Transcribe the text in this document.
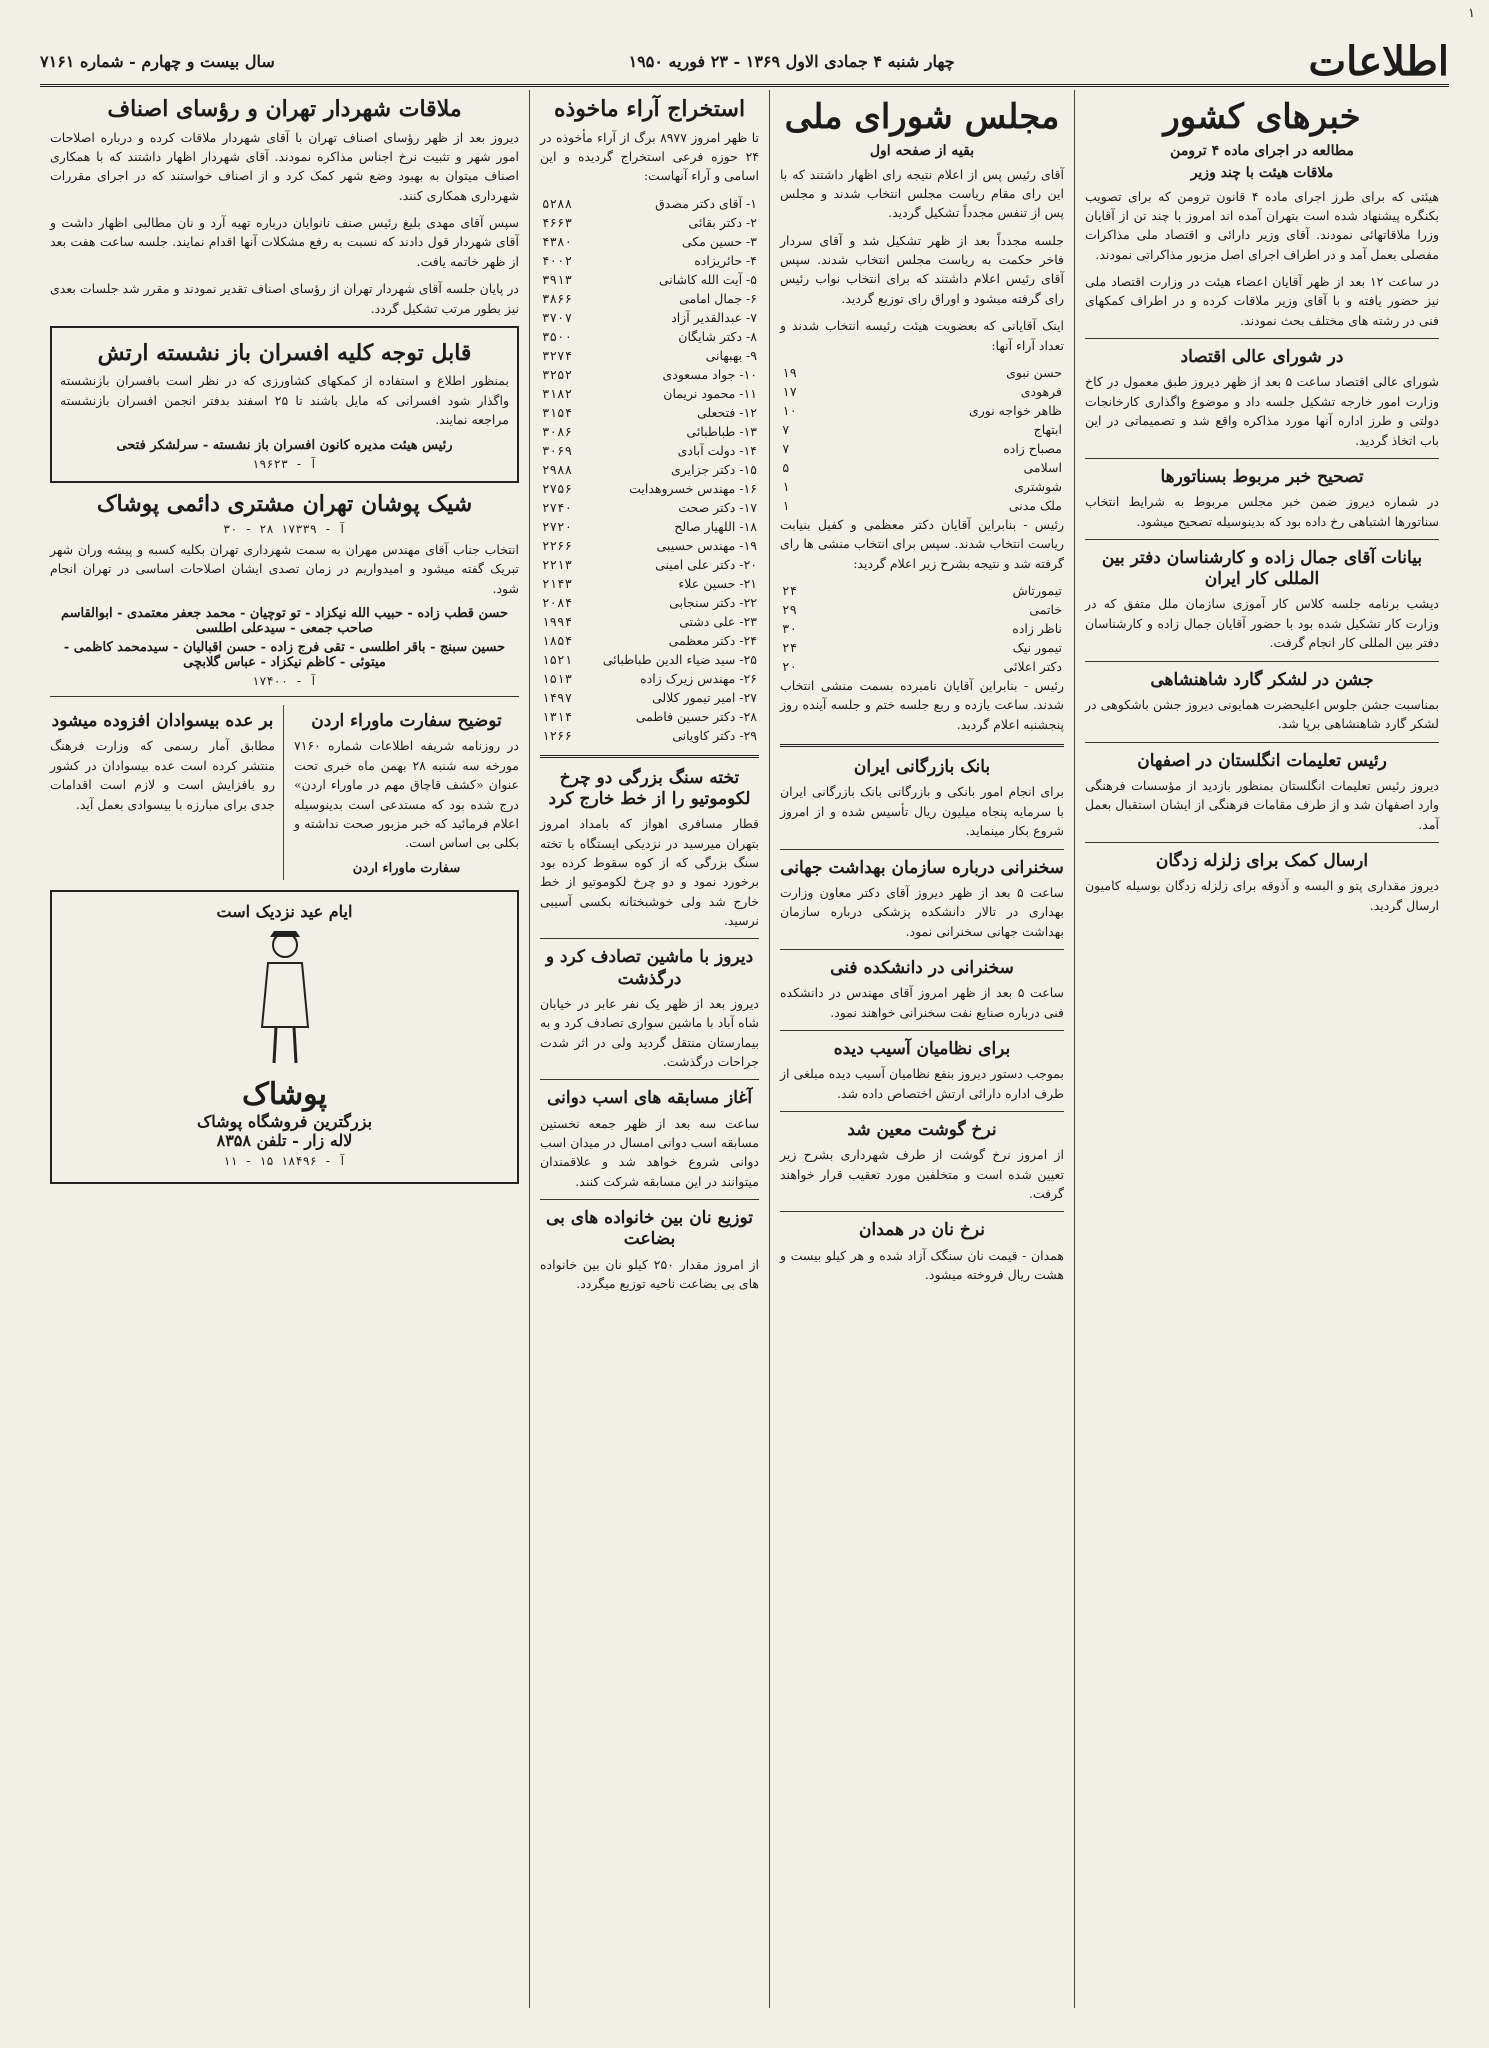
۱
اطلاعات
چهار شنبه ۴ جمادی الاول ۱۳۶۹ - ۲۳ فوریه ۱۹۵۰
سال بیست و چهارم - شماره ۷۱۶۱
خبرهای کشور
مطالعه در اجرای ماده ۴ ترومن
ملاقات هیئت با چند وزیر

هیئتی که برای طرز اجرای ماده ۴ قانون ترومن که برای تصویب بکنگره پیشنهاد شده است بتهران آمده اند امروز با چند تن از آقایان وزرا ملاقاتهائی نمودند. آقای وزیر دارائی و اقتصاد ملی مذاکرات مفصلی بعمل آمد و در اطراف اجرای اصل مزبور مذاکراتی نمودند.

در ساعت ۱۲ بعد از ظهر آقایان اعضاء هیئت در وزارت اقتصاد ملی نیز حضور یافته و با آقای وزیر ملاقات کرده و در اطراف کمکهای فنی در رشته های مختلف بحث نمودند.

در شورای عالی اقتصاد

شورای عالی اقتصاد ساعت ۵ بعد از ظهر دیروز طبق معمول در کاخ وزارت امور خارجه تشکیل جلسه داد و موضوع واگذاری کارخانجات دولتی و طرز اداره آنها مورد مذاکره واقع شد و تصمیماتی در این باب اتخاذ گردید.

تصحیح خبر مربوط بسناتورها

در شماره دیروز ضمن خبر مجلس مربوط به شرایط انتخاب سناتورها اشتباهی رخ داده بود که بدینوسیله تصحیح میشود.

بیانات آقای جمال زاده و کارشناسان دفتر بین المللی کار ایران

دیشب برنامه جلسه کلاس کار آموزی سازمان ملل متفق که در وزارت کار تشکیل شده بود با حضور آقایان جمال زاده و کارشناسان دفتر بین المللی کار انجام گرفت.

جشن در لشکر گارد شاهنشاهی

بمناسبت جشن جلوس اعلیحضرت همایونی دیروز جشن باشکوهی در لشکر گارد شاهنشاهی برپا شد.

رئیس تعلیمات انگلستان در اصفهان

دیروز رئیس تعلیمات انگلستان بمنظور بازدید از مؤسسات فرهنگی وارد اصفهان شد و از طرف مقامات فرهنگی از ایشان استقبال بعمل آمد.

ارسال کمک برای زلزله زدگان

دیروز مقداری پتو و البسه و آذوقه برای زلزله زدگان بوسیله کامیون ارسال گردید.

مجلس شورای ملی
بقیه از صفحه اول

آقای رئیس پس از اعلام نتیجه رای اظهار داشتند که با این رای مقام ریاست مجلس انتخاب شدند و مجلس پس از تنفس مجدداً تشکیل گردید.

جلسه مجدداً بعد از ظهر تشکیل شد و آقای سردار فاخر حکمت به ریاست مجلس انتخاب شدند. سپس آقای رئیس اعلام داشتند که برای انتخاب نواب رئیس رای گرفته میشود و اوراق رای توزیع گردید.

اینک آقایانی که بعضویت هیئت رئیسه انتخاب شدند و تعداد آراء آنها:

حسن نبوی	۱۹
فرهودی	۱۷
ظاهر خواجه نوری	۱۰
ابتهاج	۷
مصباح زاده	۷
اسلامی	۵
شوشتری	۱
ملک مدنی	۱

رئیس - بنابراین آقایان دکتر معظمی و کفیل بنیابت ریاست انتخاب شدند. سپس برای انتخاب منشی ها رای گرفته شد و نتیجه بشرح زیر اعلام گردید:

تیمورتاش	۲۴
خاتمی	۲۹
ناظر زاده	۳۰
تیمور نیک	۲۴
دکتر اعلائی	۲۰

رئیس - بنابراین آقایان نامبرده بسمت منشی انتخاب شدند. ساعت یازده و ربع جلسه ختم و جلسه آینده روز پنجشنبه اعلام گردید.

بانک بازرگانی ایران

برای انجام امور بانکی و بازرگانی بانک بازرگانی ایران با سرمایه پنجاه میلیون ریال تأسیس شده و از امروز شروع بکار مینماید.

سخنرانی درباره سازمان بهداشت جهانی

ساعت ۵ بعد از ظهر دیروز آقای دکتر معاون وزارت بهداری در تالار دانشکده پزشکی درباره سازمان بهداشت جهانی سخنرانی نمود.

سخنرانی در دانشکده فنی

ساعت ۵ بعد از ظهر امروز آقای مهندس در دانشکده فنی درباره صنایع نفت سخنرانی خواهند نمود.

برای نظامیان آسیب دیده

بموجب دستور دیروز بنفع نظامیان آسیب دیده مبلغی از طرف اداره دارائی ارتش اختصاص داده شد.

نرخ گوشت معین شد

از امروز نرخ گوشت از طرف شهرداری بشرح زیر تعیین شده است و متخلفین مورد تعقیب قرار خواهند گرفت.

نرخ نان در همدان

همدان - قیمت نان سنگک آزاد شده و هر کیلو بیست و هشت ریال فروخته میشود.

استخراج آراء ماخوذه

تا ظهر امروز ۸۹۷۷ برگ از آراء مأخوذه در ۲۴ حوزه فرعی استخراج گردیده و این اسامی و آراء آنهاست:

۱- آقای دکتر مصدق	۵۲۸۸
۲- دکتر بقائی	۴۶۶۳
۳- حسین مکی	۴۳۸۰
۴- حائریزاده	۴۰۰۲
۵- آیت الله کاشانی	۳۹۱۳
۶- جمال امامی	۳۸۶۶
۷- عبدالقدیر آزاد	۳۷۰۷
۸- دکتر شایگان	۳۵۰۰
۹- بهبهانی	۳۲۷۴
۱۰- جواد مسعودی	۳۲۵۲
۱۱- محمود نریمان	۳۱۸۲
۱۲- فتحعلی	۳۱۵۴
۱۳- طباطبائی	۳۰۸۶
۱۴- دولت آبادی	۳۰۶۹
۱۵- دکتر جزایری	۲۹۸۸
۱۶- مهندس خسروهدایت	۲۷۵۶
۱۷- دکتر صحت	۲۷۴۰
۱۸- اللهیار صالح	۲۷۲۰
۱۹- مهندس حسیبی	۲۲۶۶
۲۰- دکتر علی امینی	۲۲۱۳
۲۱- حسین علاء	۲۱۴۳
۲۲- دکتر سنجابی	۲۰۸۴
۲۳- علی دشتی	۱۹۹۴
۲۴- دکتر معظمی	۱۸۵۴
۲۵- سید ضیاء الدین طباطبائی	۱۵۲۱
۲۶- مهندس زیرک زاده	۱۵۱۳
۲۷- امیر تیمور کلالی	۱۴۹۷
۲۸- دکتر حسین فاطمی	۱۳۱۴
۲۹- دکتر کاویانی	۱۲۶۶
تخته سنگ بزرگی دو چرخ لکوموتیو را از خط خارج کرد

قطار مسافری اهواز که بامداد امروز بتهران میرسید در نزدیکی ایستگاه با تخته سنگ بزرگی که از کوه سقوط کرده بود برخورد نمود و دو چرخ لکوموتیو از خط خارج شد ولی خوشبختانه بکسی آسیبی نرسید.

دیروز با ماشین تصادف کرد و درگذشت

دیروز بعد از ظهر یک نفر عابر در خیابان شاه آباد با ماشین سواری تصادف کرد و به بیمارستان منتقل گردید ولی در اثر شدت جراحات درگذشت.

آغاز مسابقه های اسب دوانی

ساعت سه بعد از ظهر جمعه نخستین مسابقه اسب دوانی امسال در میدان اسب دوانی شروع خواهد شد و علاقمندان میتوانند در این مسابقه شرکت کنند.

توزیع نان بین خانواده های بی بضاعت

از امروز مقدار ۲۵۰ کیلو نان بین خانواده های بی بضاعت ناحیه توزیع میگردد.

ملاقات شهردار تهران و رؤسای اصناف

دیروز بعد از ظهر رؤسای اصناف تهران با آقای شهردار ملاقات کرده و درباره اصلاحات امور شهر و تثبیت نرخ اجناس مذاکره نمودند. آقای شهردار اظهار داشتند که با همکاری اصناف میتوان به بهبود وضع شهر کمک کرد و از اصناف خواستند که در اجرای مقررات شهرداری همکاری کنند.

سپس آقای مهدی بلیغ رئیس صنف نانوایان درباره تهیه آرد و نان مطالبی اظهار داشت و آقای شهردار قول دادند که نسبت به رفع مشکلات آنها اقدام نمایند. جلسه ساعت هفت بعد از ظهر خاتمه یافت.

در پایان جلسه آقای شهردار تهران از رؤسای اصناف تقدیر نمودند و مقرر شد جلسات بعدی نیز بطور مرتب تشکیل گردد.

قابل توجه کلیه افسران باز نشسته ارتش

بمنظور اطلاع و استفاده از کمکهای کشاورزی که در نظر است بافسران بازنشسته واگذار شود افسرانی که مایل باشند تا ۲۵ اسفند بدفتر انجمن افسران بازنشسته مراجعه نمایند.

رئیس هیئت مدیره کانون افسران باز نشسته - سرلشکر فتحی
آ - ۱۹۶۲۳
شیک پوشان تهران مشتری دائمی پوشاک
۳۰ - ۲۸ آ - ۱۷۳۳۹

انتخاب جناب آقای مهندس مهران به سمت شهرداری تهران بکلیه کسبه و پیشه وران شهر تبریک گفته میشود و امیدواریم در زمان تصدی ایشان اصلاحات اساسی در تهران انجام شود.

حسن قطب زاده - حبیب الله نیکزاد - تو توچیان - محمد جعفر معتمدی - ابوالقاسم صاحب جمعی - سیدعلی اطلسی
حسین سبنج - باقر اطلسی - تقی فرج زاده - حسن اقبالیان - سیدمحمد کاظمی - میتوئی - کاظم نیکزاد - عباس گلابچی
آ - ۱۷۴۰۰
توضیح سفارت ماوراء اردن

در روزنامه شریفه اطلاعات شماره ۷۱۶۰ مورخه سه شنبه ۲۸ بهمن ماه خبری تحت عنوان «کشف قاچاق مهم در ماوراء اردن» درج شده بود که مستدعی است بدینوسیله اعلام فرمائید که خبر مزبور صحت نداشته و بکلی بی اساس است.

سفارت ماوراء اردن
بر عده بیسوادان افزوده میشود

مطابق آمار رسمی که وزارت فرهنگ منتشر کرده است عده بیسوادان در کشور رو بافزایش است و لازم است اقدامات جدی برای مبارزه با بیسوادی بعمل آید.

ایام عید نزدیک است
پوشاک
بزرگترین فروشگاه پوشاک
لاله زار - تلفن ۸۳۵۸
آ - ۱۸۴۹۶ ۱۵ - ۱۱
